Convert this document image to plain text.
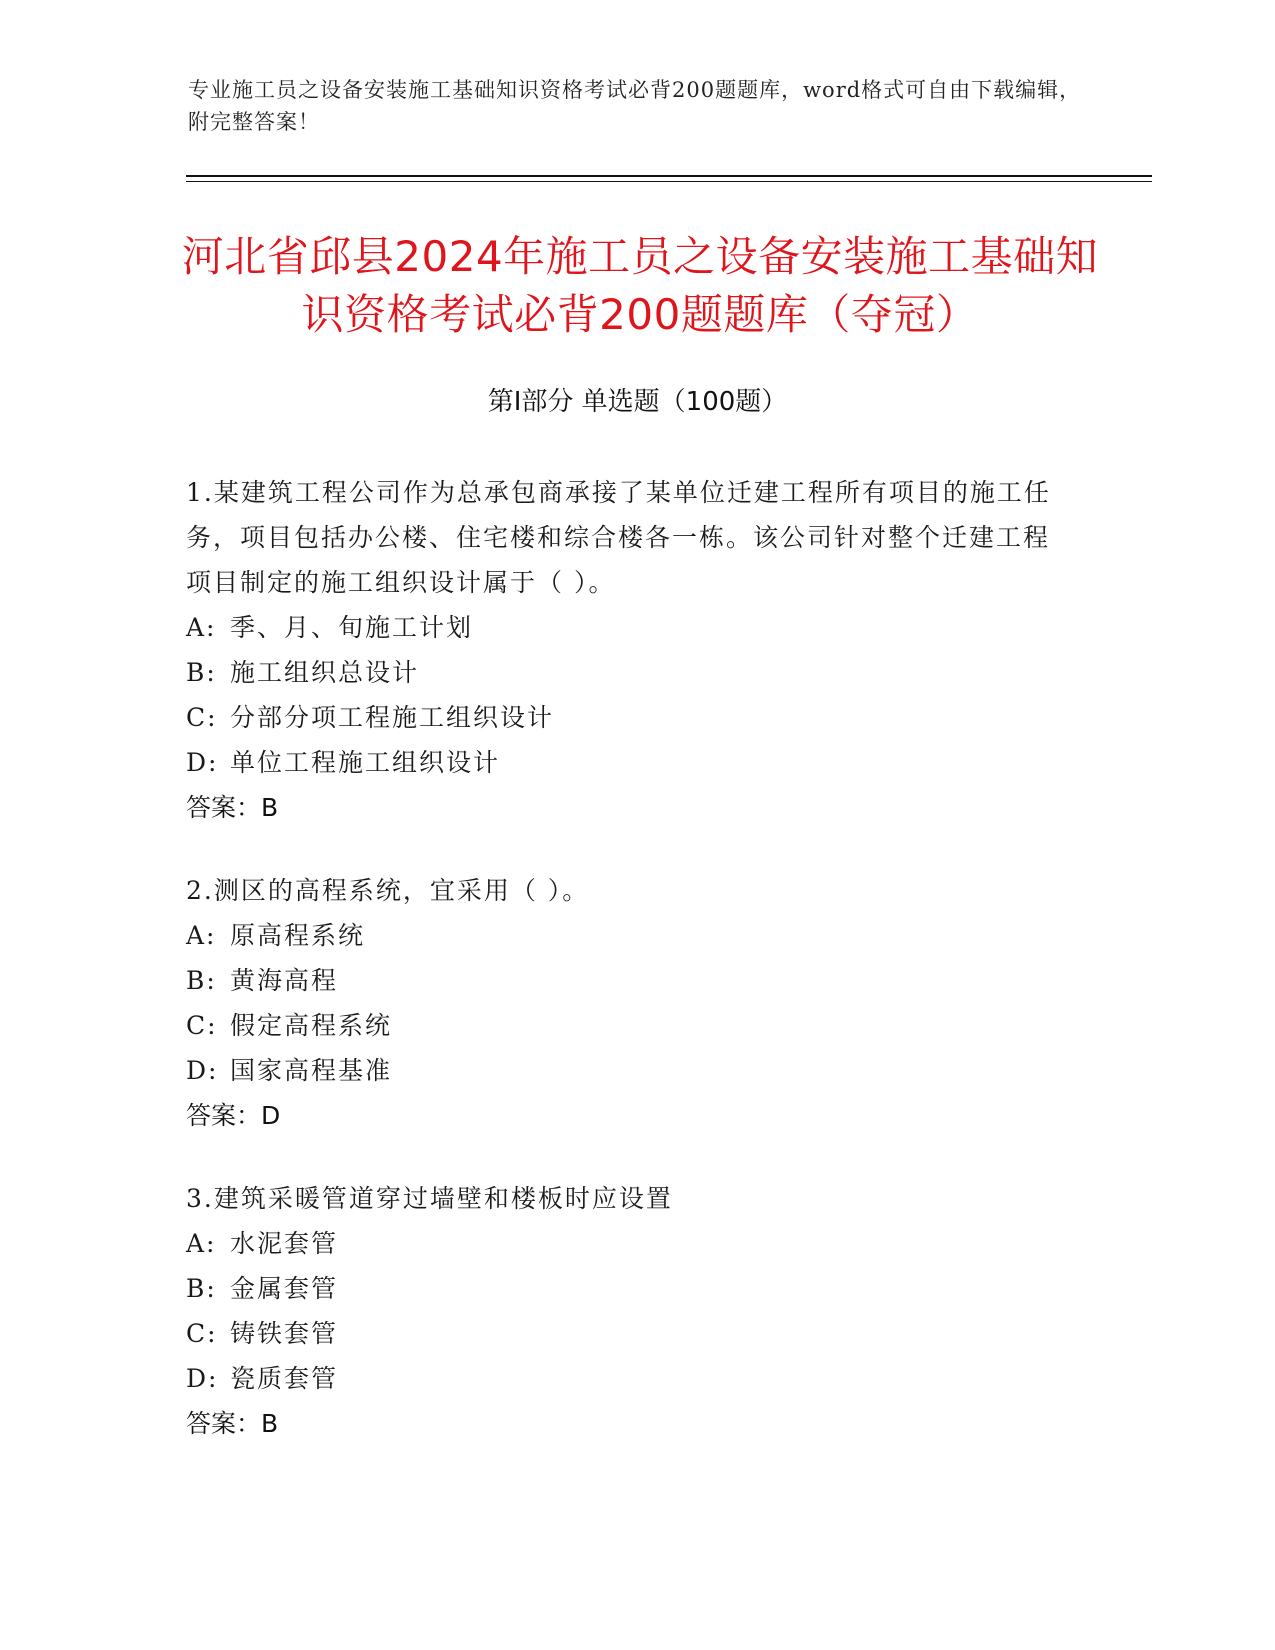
专业施工员之设备安装施工基础知识资格考试必背200题题库，word格式可自由下载编辑，附完整答案！
河北省邱县2024年施工员之设备安装施工基础知识资格考试必背200题题库（夺冠）
第Ⅰ部分 单选题（100题）
1.某建筑工程公司作为总承包商承接了某单位迁建工程所有项目的施工任务，项目包括办公楼、住宅楼和综合楼各一栋。该公司针对整个迁建工程项目制定的施工组织设计属于（ ）。
A: 季、月、旬施工计划
B: 施工组织总设计
C: 分部分项工程施工组织设计
D: 单位工程施工组织设计
答案：B
2.测区的高程系统，宜采用（ ）。
A: 原高程系统
B: 黄海高程
C: 假定高程系统
D: 国家高程基准
答案：D
3.建筑采暖管道穿过墙壁和楼板时应设置
A: 水泥套管
B: 金属套管
C: 铸铁套管
D: 瓷质套管
答案：B
